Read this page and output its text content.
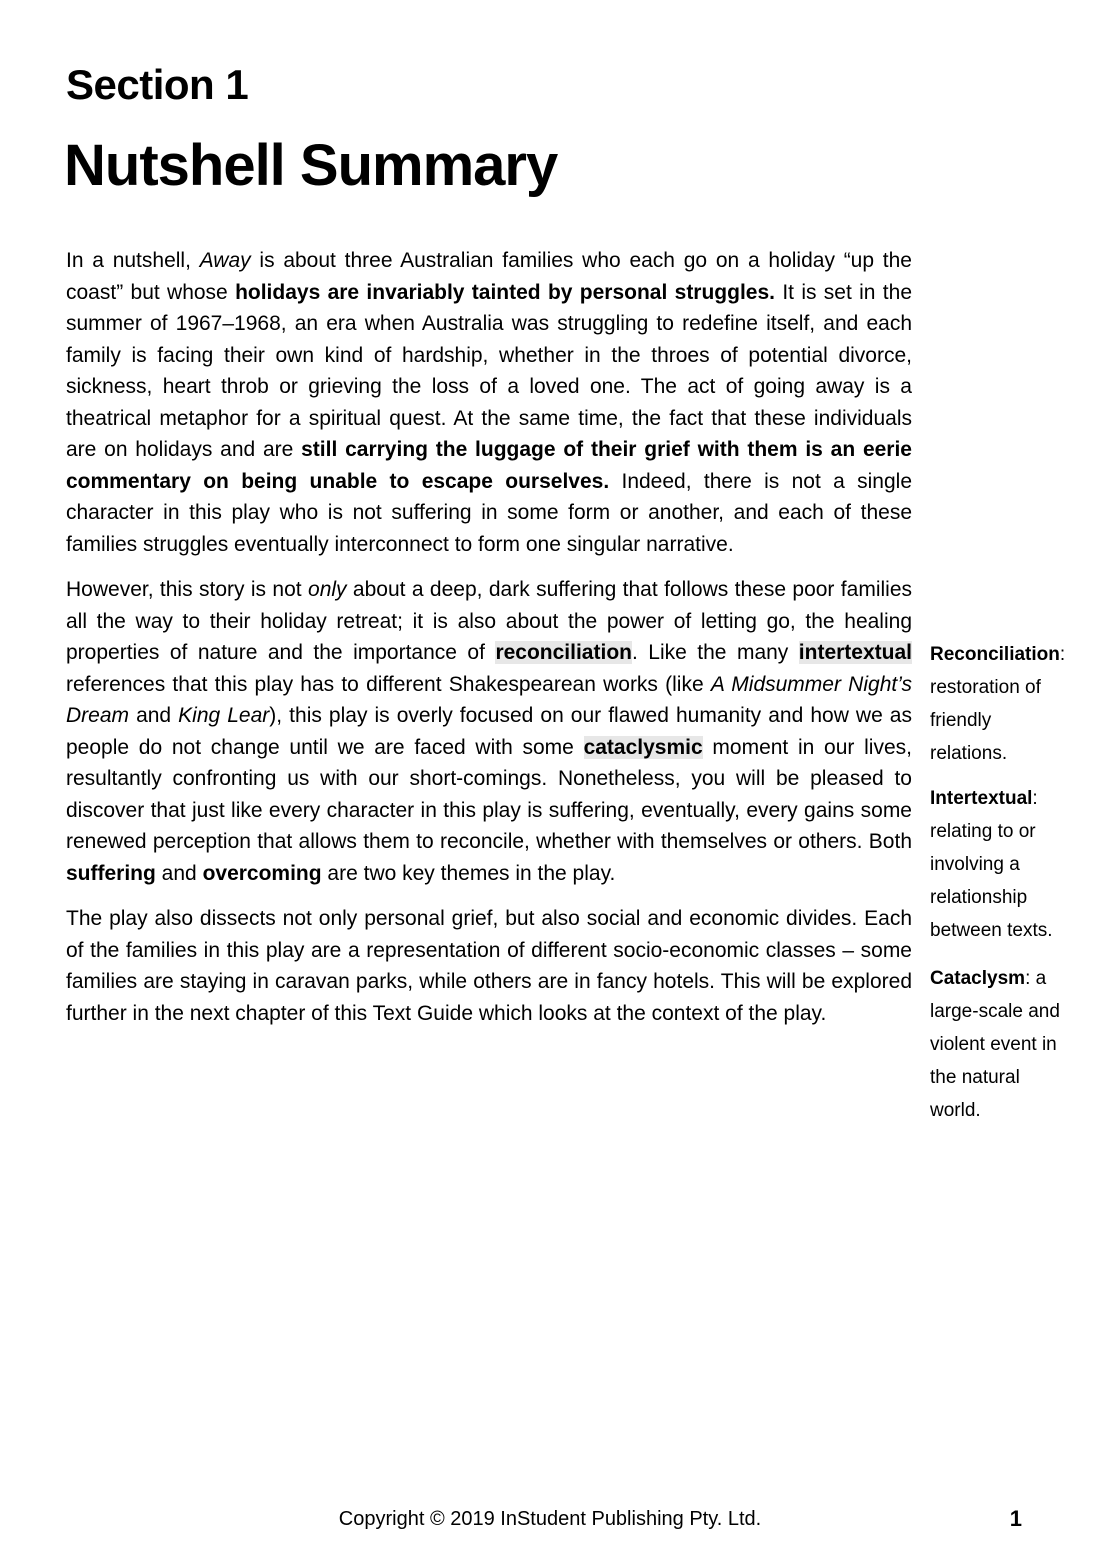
Section 1
Nutshell Summary

In a nutshell, Away is about three Australian families who each go on a holiday “up the coast” but whose holidays are invariably tainted by personal struggles. It is set in the summer of 1967–1968, an era when Australia was struggling to redefine itself, and each family is facing their own kind of hardship, whether in the throes of potential divorce, sickness, heart throb or grieving the loss of a loved one. The act of going away is a theatrical metaphor for a spiritual quest. At the same time, the fact that these individuals are on holidays and are still carrying the luggage of their grief with them is an eerie commentary on being unable to escape ourselves. Indeed, there is not a single character in this play who is not suffering in some form or another, and each of these families struggles eventually interconnect to form one singular narrative.

However, this story is not only about a deep, dark suffering that follows these poor families all the way to their holiday retreat; it is also about the power of letting go, the healing properties of nature and the importance of reconciliation. Like the many intertextual references that this play has to different Shakespearean works (like A Midsummer Night’s Dream and King Lear), this play is overly focused on our flawed humanity and how we as people do not change until we are faced with some cataclysmic moment in our lives, resultantly confronting us with our short-comings. Nonetheless, you will be pleased to discover that just like every character in this play is suffering, eventually, every gains some renewed perception that allows them to reconcile, whether with themselves or others. Both suffering and overcoming are two key themes in the play.

The play also dissects not only personal grief, but also social and economic divides. Each of the families in this play are a representation of different socio-economic classes – some families are staying in caravan parks, while others are in fancy hotels. This will be explored further in the next chapter of this Text Guide which looks at the context of the play.

Reconciliation: restoration of friendly relations.
Intertextual: relating to or involving a relationship between texts.
Cataclysm: a large-scale and violent event in the natural world.
Copyright © 2019 InStudent Publishing Pty. Ltd.	1
